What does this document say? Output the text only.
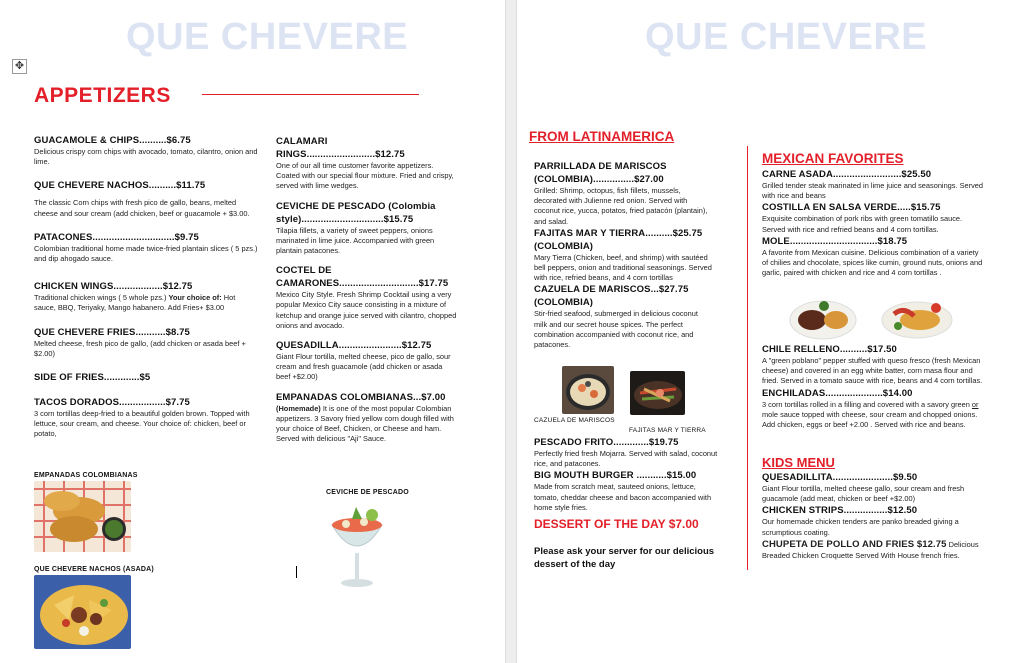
QUE CHEVERE
✥
APPETIZERS
GUACAMOLE & CHIPS..........$6.75
Delicious crispy corn chips with avocado, tomato, cilantro, onion and lime.
QUE CHEVERE NACHOS..........$11.75
The classic Corn chips with fresh pico de gallo, beans, melted cheese and sour cream (add chicken, beef or guacamole + $3.00.
PATACONES..............................$9.75
Colombian traditional home made twice-fried plantain slices ( 5 pzs.) and dip ahogado sauce.
CHICKEN WINGS..................$12.75
Traditional chicken wings ( 5 whole pzs.) Your choice of: Hot sauce, BBQ, Teriyaky, Mango habanero. Add Fries+ $3.00
QUE CHEVERE FRIES...........$8.75
Melted cheese, fresh pico de gallo, (add chicken or asada beef + $2.00)
SIDE OF FRIES.............$5
TACOS DORADOS.................$7.75
3 corn tortillas deep-fried to a beautiful golden brown. Topped with lettuce, sour cream, and cheese. Your choice of: chicken, beef or potato,
EMPANADAS COLOMBIANAS
QUE CHEVERE NACHOS (ASADA)
CALAMARI RINGS.........................$12.75
One of our all time customer favorite appetizers. Coated with our special flour mixture. Fried and crispy, served with lime wedges.
CEVICHE DE PESCADO (Colombia style)..............................$15.75
Tilapia fillets, a variety of sweet peppers, onions marinated in lime juice. Accompanied with green plantain patacones.
COCTEL DE CAMARONES.............................$17.75
Mexico City Style. Fresh Shrimp Cocktail using a very popular Mexico City sauce consisting in a mixture of ketchup and orange juice served with cilantro, chopped onions and avocado.
QUESADILLA.......................$12.75
Giant Flour tortilla, melted cheese, pico de gallo, sour cream and fresh guacamole (add chicken or asada beef +$2.00)
EMPANADAS COLOMBIANAS...$7.00
(Homemade) It is one of the most popular Colombian appetizers. 3 Savory fried yellow corn dough filled with your choice of Beef, Chicken, or Cheese and ham. Served with delicious "Aji" Sauce.
CEVICHE DE PESCADO
QUE CHEVERE
FROM LATINAMERICA
PARRILLADA DE MARISCOS (COLOMBIA)...............$27.00
Grilled: Shrimp, octopus, fish fillets, mussels, decorated with Julienne red onion. Served with coconut rice, yucca, potatos, fried patacón (plantain), and salad.
FAJITAS MAR Y TIERRA..........$25.75 (COLOMBIA)
Mary Tierra (Chicken, beef, and shrimp) with sautéed bell peppers, onion and traditional seasonings. Served with rice, refried beans, and 4 corn tortillas
CAZUELA DE MARISCOS...$27.75 (COLOMBIA)
Stir-fried seafood, submerged in delicious coconut milk and our secret house spices. The perfect combination accompanied with coconut rice, and patacones.
CAZUELA DE MARISCOS
FAJITAS MAR Y TIERRA
PESCADO FRITO.............$19.75
Perfectly fried fresh Mojarra. Served with salad, coconut rice, and patacones.
BIG MOUTH BURGER ...........$15.00
Made from scratch meat, sauteed onions, lettuce, tomato, cheddar cheese and bacon accompanied with home style fries.
DESSERT OF THE DAY $7.00
Please ask your server for our delicious dessert of the day
MEXICAN FAVORITES
CARNE ASADA.........................$25.50
Grilled tender steak marinated in lime juice and seasonings. Served with rice and beans
COSTILLA EN SALSA VERDE.....$15.75
Exquisite combination of pork ribs with green tomatillo sauce. Served with rice and refried beans and 4 corn tortillas.
MOLE................................$18.75
A favorite from Mexican cuisine. Delicious combination of a variety of chilies and chocolate, spices like cumin, ground nuts, onions and garlic, paired with chicken and rice and 4 corn tortillas .
CHILE RELLENO..........$17.50
A "green poblano" pepper stuffed with queso fresco (fresh Mexican cheese) and covered in an egg white batter, corn masa flour and fried. Served in a tomato sauce with rice, beans and 4 corn tortillas.
ENCHILADAS.....................$14.00
3 corn tortillas rolled in a filling and covered with a savory green or mole sauce topped with cheese, sour cream and chopped onions. Add chicken, eggs or beef +2.00 . Served with rice and beans.
KIDS MENU
QUESADILLITA......................$9.50
Giant Flour tortilla, melted cheese gallo, sour cream and fresh guacamole (add meat, chicken or beef +$2.00)
CHICKEN STRIPS................$12.50
Our homemade chicken tenders are panko breaded giving a scrumptious coating.
CHUPETA DE POLLO AND FRIES $12.75 Delicious Breaded Chicken Croquette Served With House french fries.
